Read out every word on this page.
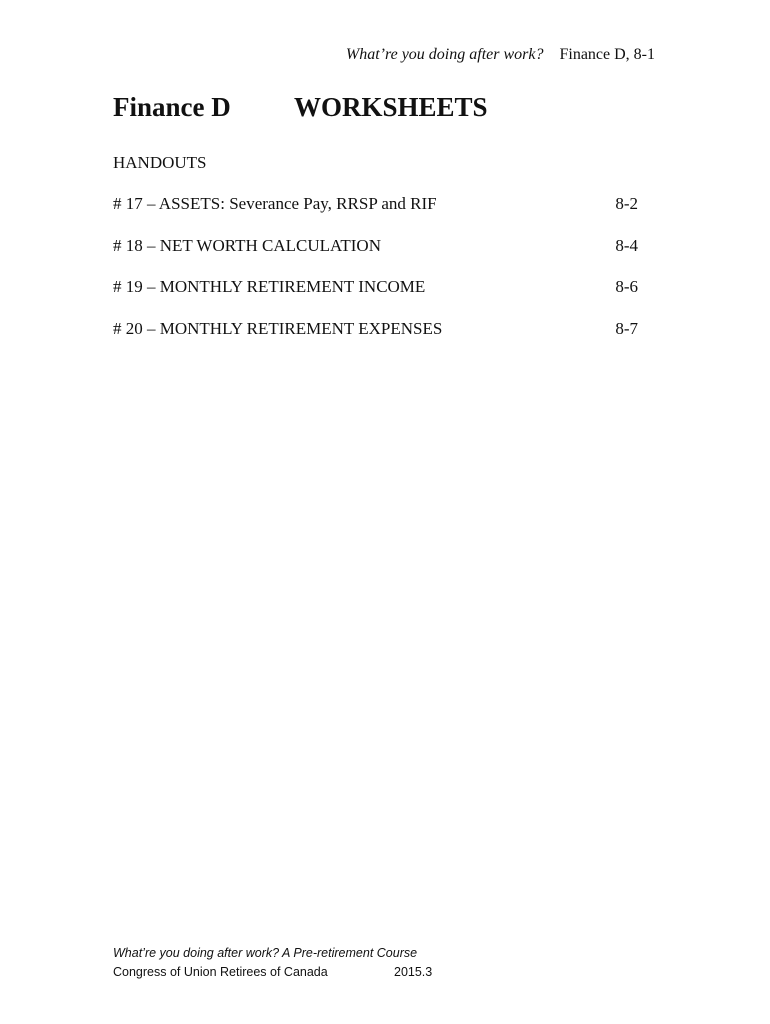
What’re you doing after work? Finance D, 8-1
Finance D WORKSHEETS
HANDOUTS
# 17 – ASSETS: Severance Pay, RRSP and RIF	8-2
# 18 – NET WORTH CALCULATION	8-4
# 19 – MONTHLY RETIREMENT INCOME	8-6
# 20 – MONTHLY RETIREMENT EXPENSES	8-7
What’re you doing after work? A Pre-retirement Course
Congress of Union Retirees of Canada	2015.3
